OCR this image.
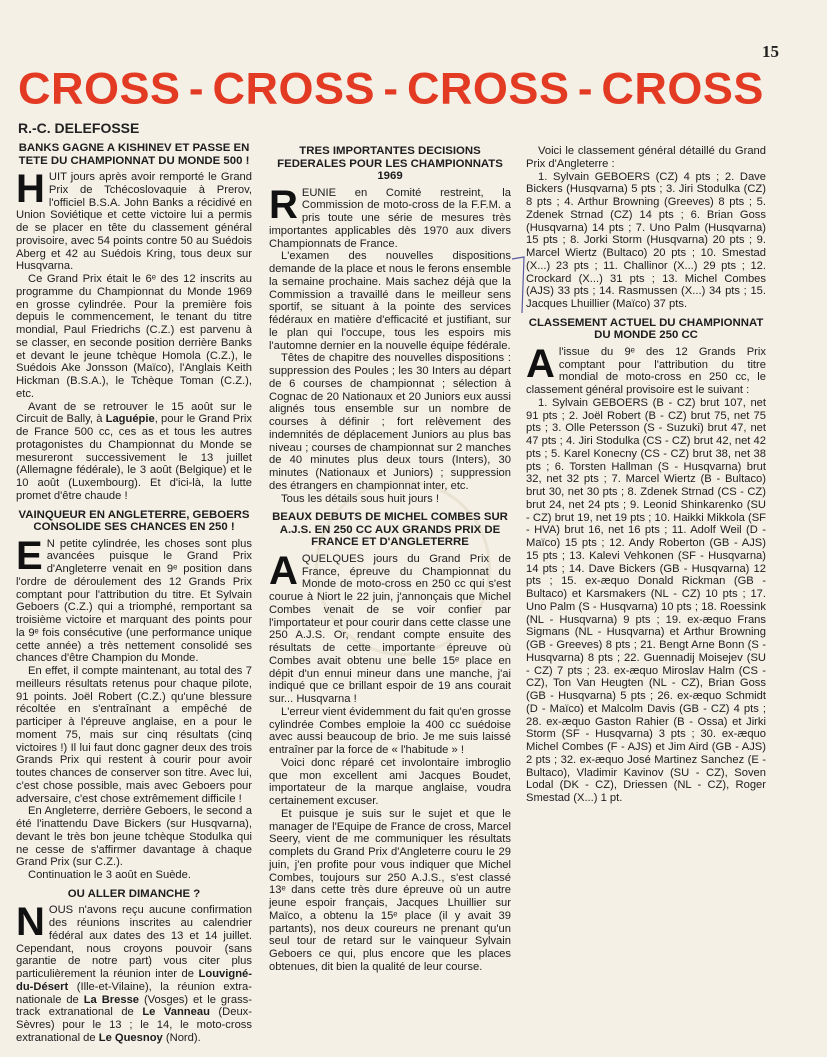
15
CROSS - CROSS - CROSS - CROSS
R.-C. DELEFOSSE
BANKS GAGNE A KISHINEV ET PASSE EN TETE DU CHAMPIONNAT DU MONDE 500 !

HUIT jours après avoir remporté le Grand Prix de Tchécoslovaquie à Prerov, l'officiel B.S.A. John Banks a récidivé en Union Soviétique et cette victoire lui a permis de se placer en tête du classement général provisoire, avec 54 points contre 50 au Suédois Aberg et 42 au Suédois Kring, tous deux sur Husqvarna.

Ce Grand Prix était le 6ᵉ des 12 inscrits au programme du Championnat du Monde 1969 en grosse cylindrée. Pour la première fois depuis le commencement, le tenant du titre mondial, Paul Friedrichs (C.Z.) est parvenu à se classer, en seconde position derrière Banks et devant le jeune tchèque Homola (C.Z.), le Suédois Ake Jonsson (Maïco), l'Anglais Keith Hickman (B.S.A.), le Tchèque Toman (C.Z.), etc.

Avant de se retrouver le 15 août sur le Circuit de Bally, à Laguépie, pour le Grand Prix de France 500 cc, ces as et tous les autres protagonistes du Championnat du Monde se mesureront successivement le 13 juillet (Allemagne fédérale), le 3 août (Belgique) et le 10 août (Luxembourg). Et d'ici-là, la lutte promet d'être chaude !

VAINQUEUR EN ANGLETERRE, GEBOERS CONSOLIDE SES CHANCES EN 250 !

E N petite cylindrée, les choses sont plus avancées puisque le Grand Prix d'Angleterre venait en 9ᵉ position dans l'ordre de déroulement des 12 Grands Prix comptant pour l'attribution du titre. Et Sylvain Geboers (C.Z.) qui a triomphé, remportant sa troisième victoire et marquant des points pour la 9ᵉ fois consécutive (une performance unique cette année) a très nettement consolidé ses chances d'être Champion du Monde.

En effet, il compte maintenant, au total des 7 meilleurs résultats retenus pour chaque pilote, 91 points. Joël Robert (C.Z.) qu'une blessure récoltée en s'entraînant a empêché de participer à l'épreuve anglaise, en a pour le moment 75, mais sur cinq résultats (cinq victoires !) Il lui faut donc gagner deux des trois Grands Prix qui restent à courir pour avoir toutes chances de conserver son titre. Avec lui, c'est chose possible, mais avec Geboers pour adversaire, c'est chose extrêmement difficile !

En Angleterre, derrière Geboers, le second a été l'inattendu Dave Bickers (sur Husqvarna), devant le très bon jeune tchèque Stodulka qui ne cesse de s'affirmer davantage à chaque Grand Prix (sur C.Z.).

Continuation le 3 août en Suède.

OU ALLER DIMANCHE ?

NOUS n'avons reçu aucune confirmation des réunions inscrites au calendrier fédéral aux dates des 13 et 14 juillet. Cependant, nous croyons pouvoir (sans garantie de notre part) vous citer plus particulièrement la réunion inter de Louvigné-du-Désert (Ille-et-Vilaine), la réunion extra-nationale de La Bresse (Vosges) et le grass-track extranational de Le Vanneau (Deux-Sèvres) pour le 13 ; le 14, le moto-cross extranational de Le Quesnoy (Nord).

TRES IMPORTANTES DECISIONS FEDERALES POUR LES CHAMPIONNATS 1969

REUNIE en Comité restreint, la Commission de moto-cross de la F.F.M. a pris toute une série de mesures très importantes applicables dès 1970 aux divers Championnats de France.

L'examen des nouvelles dispositions demande de la place et nous le ferons ensemble la semaine prochaine. Mais sachez déjà que la Commission a travaillé dans le meilleur sens sportif, se situant à la pointe des services fédéraux en matière d'efficacité et justifiant, sur le plan qui l'occupe, tous les espoirs mis l'automne dernier en la nouvelle équipe fédérale.

Têtes de chapitre des nouvelles dispositions : suppression des Poules ; les 30 Inters au départ de 6 courses de championnat ; sélection à Cognac de 20 Nationaux et 20 Juniors eux aussi alignés tous ensemble sur un nombre de courses à définir ; fort relèvement des indemnités de déplacement Juniors au plus bas niveau ; courses de championnat sur 2 manches de 40 minutes plus deux tours (Inters), 30 minutes (Nationaux et Juniors) ; suppression des étrangers en championnat inter, etc.

Tous les détails sous huit jours !

BEAUX DEBUTS DE MICHEL COMBES SUR A.J.S. EN 250 CC AUX GRANDS PRIX DE FRANCE ET D'ANGLETERRE

AQUELQUES jours du Grand Prix de France, épreuve du Championnat du Monde de moto-cross en 250 cc qui s'est courue à Niort le 22 juin, j'annonçais que Michel Combes venait de se voir confier par l'importateur et pour courir dans cette classe une 250 A.J.S. Or, rendant compte ensuite des résultats de cette importante épreuve où Combes avait obtenu une belle 15ᵉ place en dépit d'un ennui mineur dans une manche, j'ai indiqué que ce brillant espoir de 19 ans courait sur... Husqvarna !

L'erreur vient évidemment du fait qu'en grosse cylindrée Combes emploie la 400 cc suédoise avec aussi beaucoup de brio. Je me suis laissé entraîner par la force de « l'habitude » !

Voici donc réparé cet involontaire imbroglio que mon excellent ami Jacques Boudet, importateur de la marque anglaise, voudra certainement excuser.

Et puisque je suis sur le sujet et que le manager de l'Equipe de France de cross, Marcel Seery, vient de me communiquer les résultats complets du Grand Prix d'Angleterre couru le 29 juin, j'en profite pour vous indiquer que Michel Combes, toujours sur 250 A.J.S., s'est classé 13ᵉ dans cette très dure épreuve où un autre jeune espoir français, Jacques Lhuillier sur Maïco, a obtenu la 15ᵉ place (il y avait 39 partants), nos deux coureurs ne prenant qu'un seul tour de retard sur le vainqueur Sylvain Geboers ce qui, plus encore que les places obtenues, dit bien la qualité de leur course.

Voici le classement général détaillé du Grand Prix d'Angleterre :

1. Sylvain GEBOERS (CZ) 4 pts ; 2. Dave Bickers (Husqvarna) 5 pts ; 3. Jiri Stodulka (CZ) 8 pts ; 4. Arthur Browning (Greeves) 8 pts ; 5. Zdenek Strnad (CZ) 14 pts ; 6. Brian Goss (Husqvarna) 14 pts ; 7. Uno Palm (Husqvarna) 15 pts ; 8. Jorki Storm (Husqvarna) 20 pts ; 9. Marcel Wiertz (Bultaco) 20 pts ; 10. Smestad (X...) 23 pts ; 11. Challinor (X...) 29 pts ; 12. Crockard (X...) 31 pts ; 13. Michel Combes (AJS) 33 pts ; 14. Rasmussen (X...) 34 pts ; 15. Jacques Lhuillier (Maïco) 37 pts.

CLASSEMENT ACTUEL DU CHAMPIONNAT DU MONDE 250 CC

Al'issue du 9ᵉ des 12 Grands Prix comptant pour l'attribution du titre mondial de moto-cross en 250 cc, le classement général provisoire est le suivant :

1. Sylvain GEBOERS (B - CZ) brut 107, net 91 pts ; 2. Joël Robert (B - CZ) brut 75, net 75 pts ; 3. Olle Petersson (S - Suzuki) brut 47, net 47 pts ; 4. Jiri Stodulka (CS - CZ) brut 42, net 42 pts ; 5. Karel Konecny (CS - CZ) brut 38, net 38 pts ; 6. Torsten Hallman (S - Husqvarna) brut 32, net 32 pts ; 7. Marcel Wiertz (B - Bultaco) brut 30, net 30 pts ; 8. Zdenek Strnad (CS - CZ) brut 24, net 24 pts ; 9. Leonid Shinkarenko (SU - CZ) brut 19, net 19 pts ; 10. Haikki Mikkola (SF - HVA) brut 16, net 16 pts ; 11. Adolf Weil (D - Maïco) 15 pts ; 12. Andy Roberton (GB - AJS) 15 pts ; 13. Kalevi Vehkonen (SF - Husqvarna) 14 pts ; 14. Dave Bickers (GB - Husqvarna) 12 pts ; 15. ex-æquo Donald Rickman (GB - Bultaco) et Karsmakers (NL - CZ) 10 pts ; 17. Uno Palm (S - Husqvarna) 10 pts ; 18. Roessink (NL - Husqvarna) 9 pts ; 19. ex-æquo Frans Sigmans (NL - Husqvarna) et Arthur Browning (GB - Greeves) 8 pts ; 21. Bengt Arne Bonn (S - Husqvarna) 8 pts ; 22. Guennadij Moisejev (SU - CZ) 7 pts ; 23. ex-æquo Miroslav Halm (CS - CZ), Ton Van Heugten (NL - CZ), Brian Goss (GB - Husqvarna) 5 pts ; 26. ex-æquo Schmidt (D - Maïco) et Malcolm Davis (GB - CZ) 4 pts ; 28. ex-æquo Gaston Rahier (B - Ossa) et Jirki Storm (SF - Husqvarna) 3 pts ; 30. ex-æquo Michel Combes (F - AJS) et Jim Aird (GB - AJS) 2 pts ; 32. ex-æquo José Martinez Sanchez (E - Bultaco), Vladimir Kavinov (SU - CZ), Soven Lodal (DK - CZ), Driessen (NL - CZ), Roger Smestad (X...) 1 pt.
